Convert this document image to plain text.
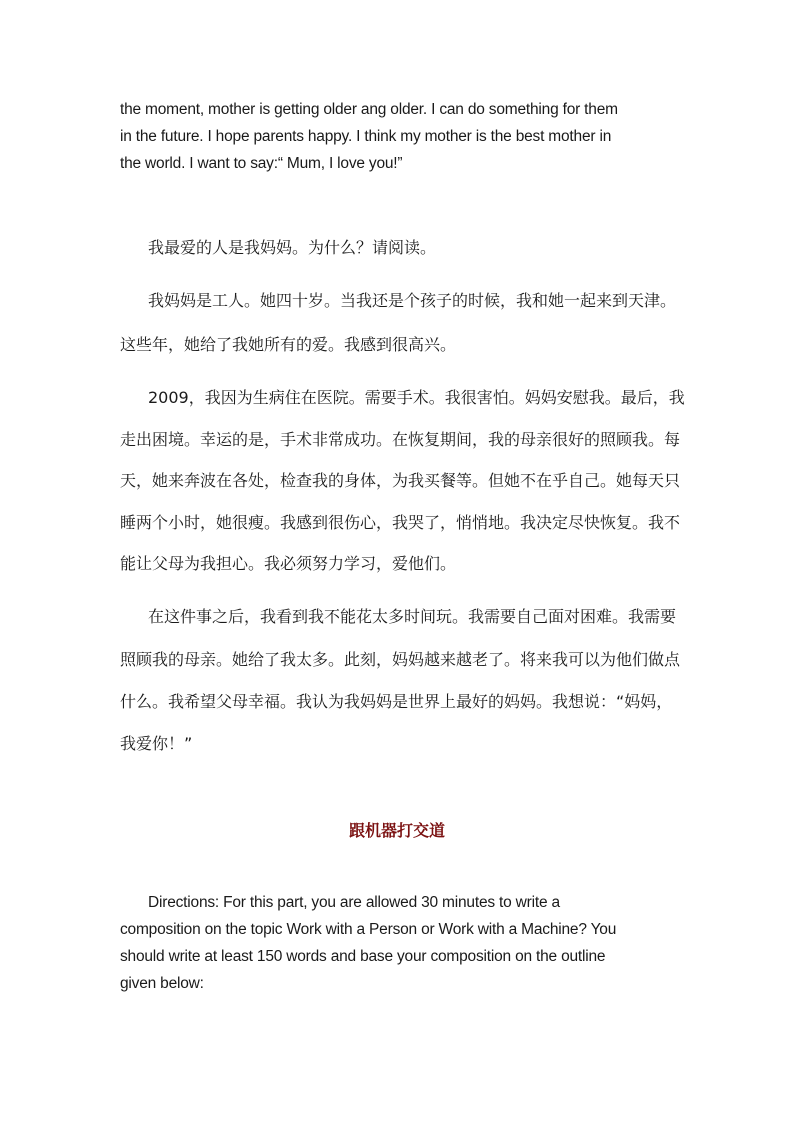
the moment, mother is getting older ang older. I can do something for them
in the future. I hope parents happy. I think my mother is the best mother in
the world. I want to say:“ Mum, I love you!”
我最爱的人是我妈妈。为什么？请阅读。
我妈妈是工人。她四十岁。当我还是个孩子的时候，我和她一起来到天津。
这些年，她给了我她所有的爱。我感到很高兴。
2009，我因为生病住在医院。需要手术。我很害怕。妈妈安慰我。最后，我
走出困境。幸运的是，手术非常成功。在恢复期间，我的母亲很好的照顾我。每
天，她来奔波在各处，检查我的身体，为我买餐等。但她不在乎自己。她每天只
睡两个小时，她很瘦。我感到很伤心，我哭了，悄悄地。我决定尽快恢复。我不
能让父母为我担心。我必须努力学习，爱他们。
在这件事之后，我看到我不能花太多时间玩。我需要自己面对困难。我需要
照顾我的母亲。她给了我太多。此刻，妈妈越来越老了。将来我可以为他们做点
什么。我希望父母幸福。我认为我妈妈是世界上最好的妈妈。我想说：“妈妈，
我爱你！”
跟机器打交道
Directions: For this part, you are allowed 30 minutes to write a
composition on the topic Work with a Person or Work with a Machine? You
should write at least 150 words and base your composition on the outline
given below:
